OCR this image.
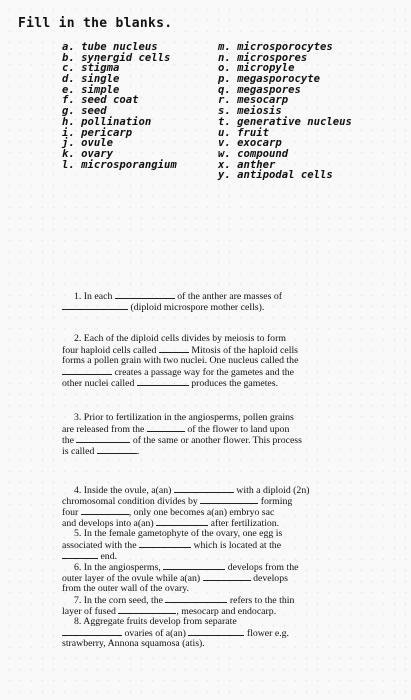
Fill in the blanks.
a. tube nucleus
b. synergid cells
c. stigma
d. single
e. simple
f. seed coat
g. seed
h. pollination
i. pericarp
j. ovule
k. ovary
l. microsporangium
m. microsporocytes
n. microspores
o. micropyle
p. megasporocyte
q. megaspores
r. mesocarp
s. meiosis
t. generative nucleus
u. fruit
v. exocarp
w. compound
x. anther
y. antipodal cells
1. In each	of the anther are masses of
(diploid microspore mother cells).
2. Each of the diploid cells divides by meiosis to form
four haploid cells called	Mitosis of the haploid cells
forms a pollen grain with two nuclei. One nucleus called the
creates a passage way for the gametes and the
other nuclei called	produces the gametes.
3. Prior to fertilization in the angiosperms, pollen grains
are released from the	of the flower to land upon
the	of the same or another flower. This process
is called	.
4. Inside the ovule, a(an)	with a diploid (2n)
chromosomal condition divides by	forming
four	, only one becomes a(an) embryo sac
and develops into a(an)	after fertilization.
5. In the female gametophyte of the ovary, one egg is
associated with the	which is located at the
end.
6. In the angiosperms,	develops from the
outer layer of the ovule while a(an)	develops
from the outer wall of the ovary.
7. In the corn seed, the	refers to the thin
layer of fused	, mesocarp and endocarp.
8. Aggregate fruits develop from separate
ovaries of a(an)	flower e.g.
strawberry, Annona squamosa (atis).
